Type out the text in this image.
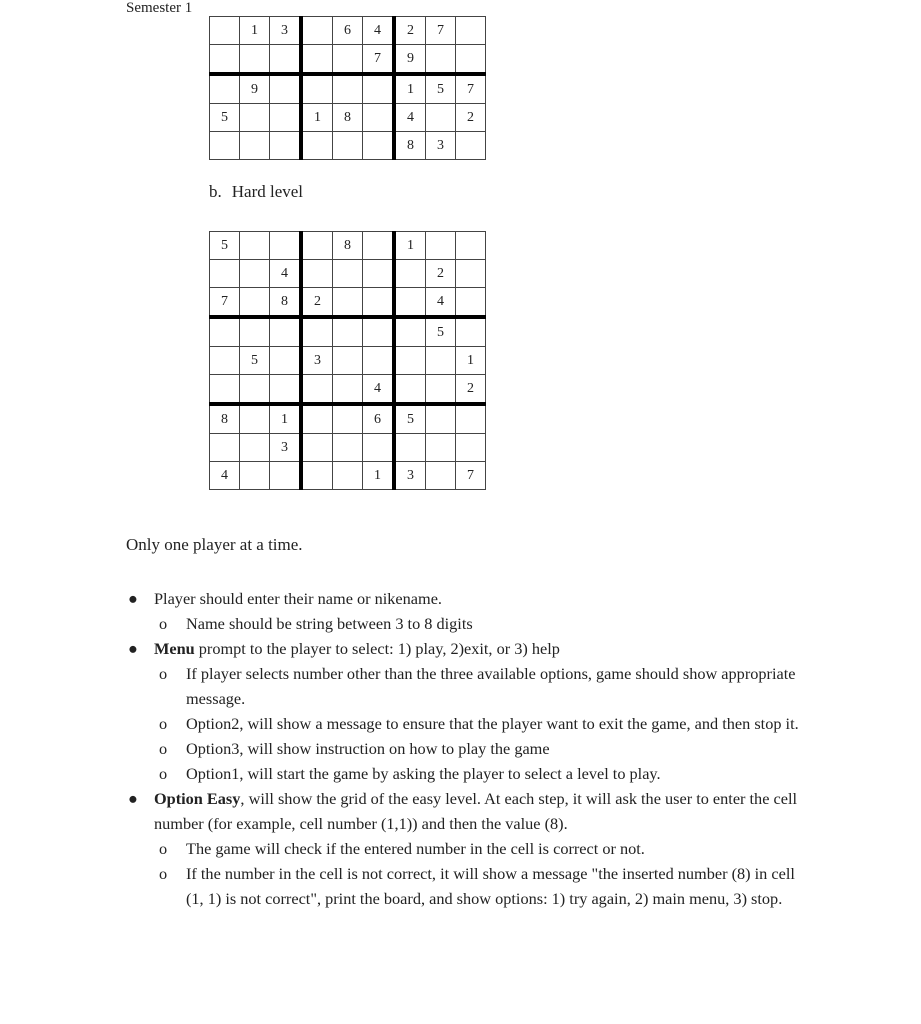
Semester 1
	1	3		6	4	2	7	
					7	9		
	9					1	5	7
5			1	8		4		2
						8	3	
b. Hard level
5				8		1		
		4					2	
7		8	2				4	
							5	
	5		3					1
					4			2
8		1			6	5		
		3						
4					1	3		7
Only one player at a time.
● Player should enter their name or nikename.
o Name should be string between 3 to 8 digits
● Menu prompt to the player to select: 1) play, 2)exit, or 3) help
o If player selects number other than the three available options, game should show appropriate message.
o Option2, will show a message to ensure that the player want to exit the game, and then stop it.
o Option3, will show instruction on how to play the game
o Option1, will start the game by asking the player to select a level to play.
● Option Easy, will show the grid of the easy level. At each step, it will ask the user to enter the cell number (for example, cell number (1,1)) and then the value (8).
o The game will check if the entered number in the cell is correct or not.
o If the number in the cell is not correct, it will show a message "the inserted number (8) in cell (1, 1) is not correct", print the board, and show options: 1) try again, 2) main menu, 3) stop.
